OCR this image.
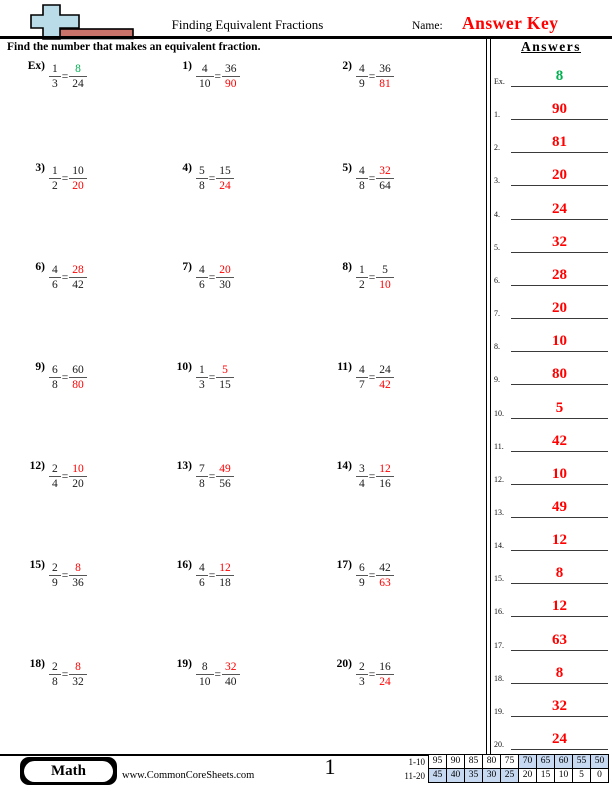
Finding Equivalent Fractions	Name: Answer Key
Find the number that makes an equivalent fraction.	Answers
Ex.	8
1.	90
2.	81
3.	20
4.	24
5.	32
6.	28
7.	20
8.	10
9.	80
10.	5
11.	42
12.	10
13.	49
14.	12
15.	8
16.	12
17.	63
18.	8
19.	32
20.	24
$Ex) \frac{1}{3} = \frac{8}{24}$	$1) \frac{4}{10} = \frac{36}{90}$	$2) \frac{4}{9} = \frac{36}{81}$
$3) \frac{1}{2} = \frac{10}{20}$	$4) \frac{5}{8} = \frac{15}{24}$	$5) \frac{4}{8} = \frac{32}{64}$
$6) \frac{4}{6} = \frac{28}{42}$	$7) \frac{4}{6} = \frac{20}{30}$	$8) \frac{1}{2} = \frac{5}{10}$
$9) \frac{6}{8} = \frac{60}{80}$	$10) \frac{1}{3} = \frac{5}{15}$	$11) \frac{4}{7} = \frac{24}{42}$
$12) \frac{2}{4} = \frac{10}{20}$	$13) \frac{7}{8} = \frac{49}{56}$	$14) \frac{3}{4} = \frac{12}{16}$
$15) \frac{2}{9} = \frac{8}{36}$	$16) \frac{4}{6} = \frac{12}{18}$	$17) \frac{6}{9} = \frac{42}{63}$
$18) \frac{2}{8} = \frac{8}{32}$	$19) \frac{8}{10} = \frac{32}{40}$	$20) \frac{2}{3} = \frac{16}{24}$
Math	www.CommonCoreSheets.com	1	1-10 95 90 85 80 75 70 65 60 55 50
11-20 45 40 35 30 25 20 15 10	5	0
